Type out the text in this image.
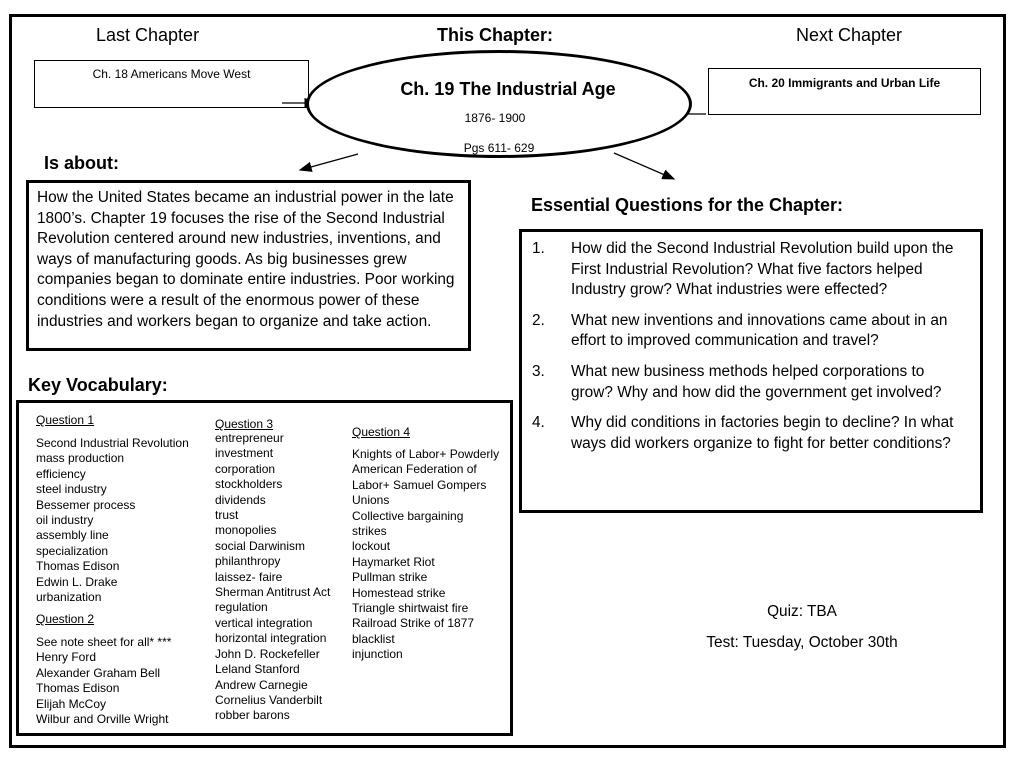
Last Chapter	This Chapter:	Next Chapter
Ch. 18 Americans Move West
Ch. 20 Immigrants and Urban Life
Ch. 19 The Industrial Age
1876- 1900
Pgs 611- 629
Is about:
How the United States became an industrial power in the late 1800’s. Chapter 19 focuses the rise of the Second Industrial Revolution centered around new industries, inventions, and ways of manufacturing goods. As big businesses grew companies began to dominate entire industries. Poor working conditions were a result of the enormous power of these industries and workers began to organize and take action.
Essential Questions for the Chapter:
1. How did the Second Industrial Revolution build upon the First Industrial Revolution? What five factors helped Industry grow? What industries were effected?
2. What new inventions and innovations came about in an effort to improved communication and travel?
3. What new business methods helped corporations to grow? Why and how did the government get involved?
4. Why did conditions in factories begin to decline? In what ways did workers organize to fight for better conditions?
Key Vocabulary:
Question 1
Second Industrial Revolution
mass production
efficiency
steel industry
Bessemer process
oil industry
assembly line
specialization
Thomas Edison
Edwin L. Drake
urbanization
Question 2
See note sheet for all* ***
Henry Ford
Alexander Graham Bell
Thomas Edison
Elijah McCoy
Wilbur and Orville Wright
Question 3
entrepreneur
investment
corporation
stockholders
dividends
trust
monopolies
social Darwinism
philanthropy
laissez- faire
Sherman Antitrust Act
regulation
vertical integration
horizontal integration
John D. Rockefeller
Leland Stanford
Andrew Carnegie
Cornelius Vanderbilt
robber barons
Question 4
Knights of Labor+ Powderly
American Federation of
Labor+ Samuel Gompers
Unions
Collective bargaining
strikes
lockout
Haymarket Riot
Pullman strike
Homestead strike
Triangle shirtwaist fire
Railroad Strike of 1877
blacklist
injunction
Quiz: TBA
Test: Tuesday, October 30th
